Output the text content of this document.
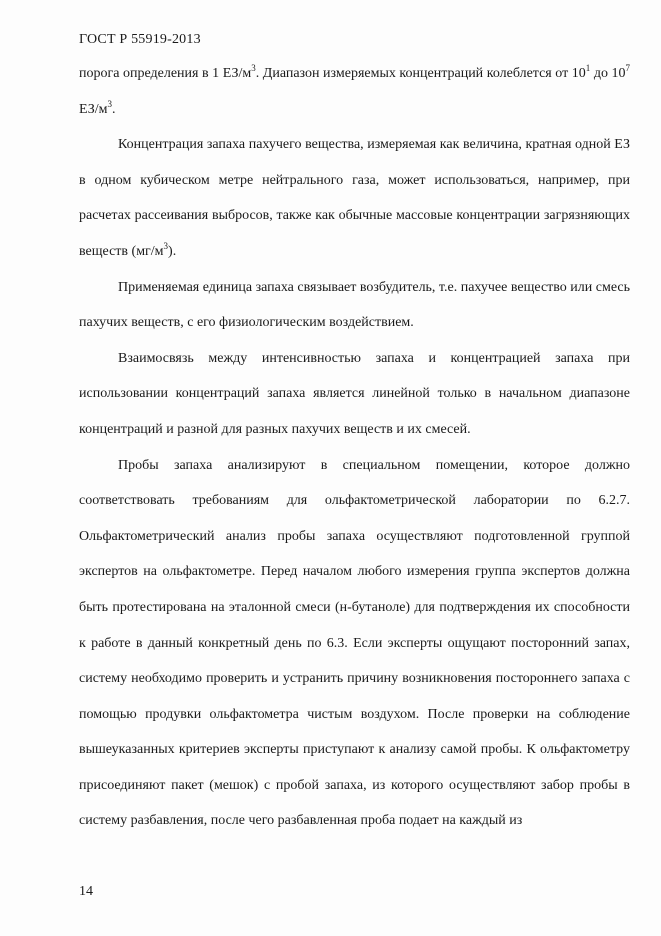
ГОСТ Р 55919-2013

порога определения в 1 $ЕЗ/м^3$. Диапазон измеряемых концентраций колеблется от $10^1$ до $10^7$ $ЕЗ/м^3$.

Концентрация запаха пахучего вещества, измеряемая как величина, кратная одной ЕЗ в одном кубическом метре нейтрального газа, может использоваться, например, при расчетах рассеивания выбросов, также как обычные массовые концентрации загрязняющих веществ $(мг/м^3)$.

Применяемая единица запаха связывает возбудитель, т.е. пахучее вещество или смесь пахучих веществ, с его физиологическим воздействием.

Взаимосвязь между интенсивностью запаха и концентрацией запаха при использовании концентраций запаха является линейной только в начальном диапазоне концентраций и разной для разных пахучих веществ и их смесей.

Пробы запаха анализируют в специальном помещении, которое должно соответствовать требованиям для ольфактометрической лаборатории по 6.2.7. Ольфактометрический анализ пробы запаха осуществляют подготовленной группой экспертов на ольфактометре. Перед началом любого измерения группа экспертов должна быть протестирована на эталонной смеси (н-бутаноле) для подтверждения их способности к работе в данный конкретный день по 6.3. Если эксперты ощущают посторонний запах, систему необходимо проверить и устранить причину возникновения постороннего запаха с помощью продувки ольфактометра чистым воздухом. После проверки на соблюдение вышеуказанных критериев эксперты приступают к анализу самой пробы. К ольфактометру присоединяют пакет (мешок) с пробой запаха, из которого осуществляют забор пробы в систему разбавления, после чего разбавленная проба подает на каждый из

14
